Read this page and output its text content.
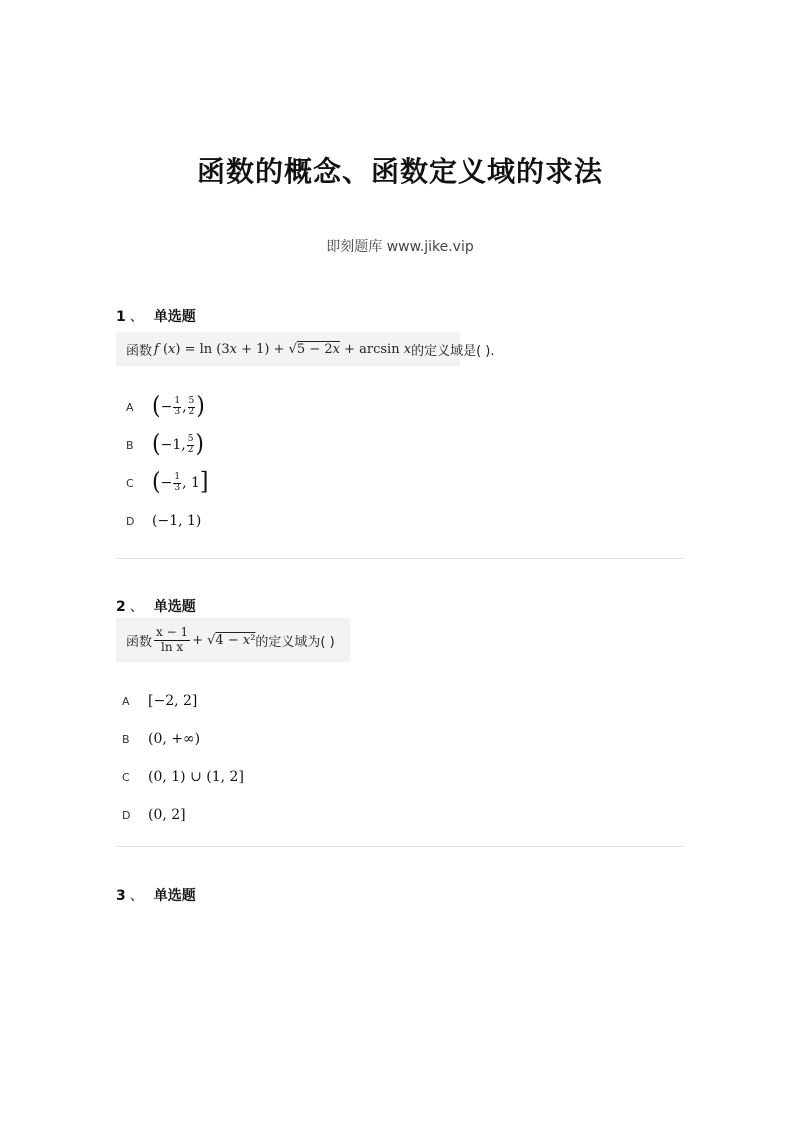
函数的概念、函数定义域的求法
即刻题库 www.jike.vip
1 、 单选题
函数 f (x) = ln (3x + 1) + √5 − 2x + arcsin x 的定义域是( ).
A ( − $\frac{1}{3}$ , $\frac{5}{2}$ )
B ( −1, $\frac{5}{2}$ )
C ( − $\frac{1}{3}$ , 1 ]
D	(−1, 1)
2 、 单选题
函数 $\frac{x - 1}{\text{ln x}} + √4 - x^2$ 的定义域为( )
A	[−2, 2]
B	(0, +∞)
C	(0, 1) ∪ (1, 2]
D	(0, 2]
3 、 单选题
